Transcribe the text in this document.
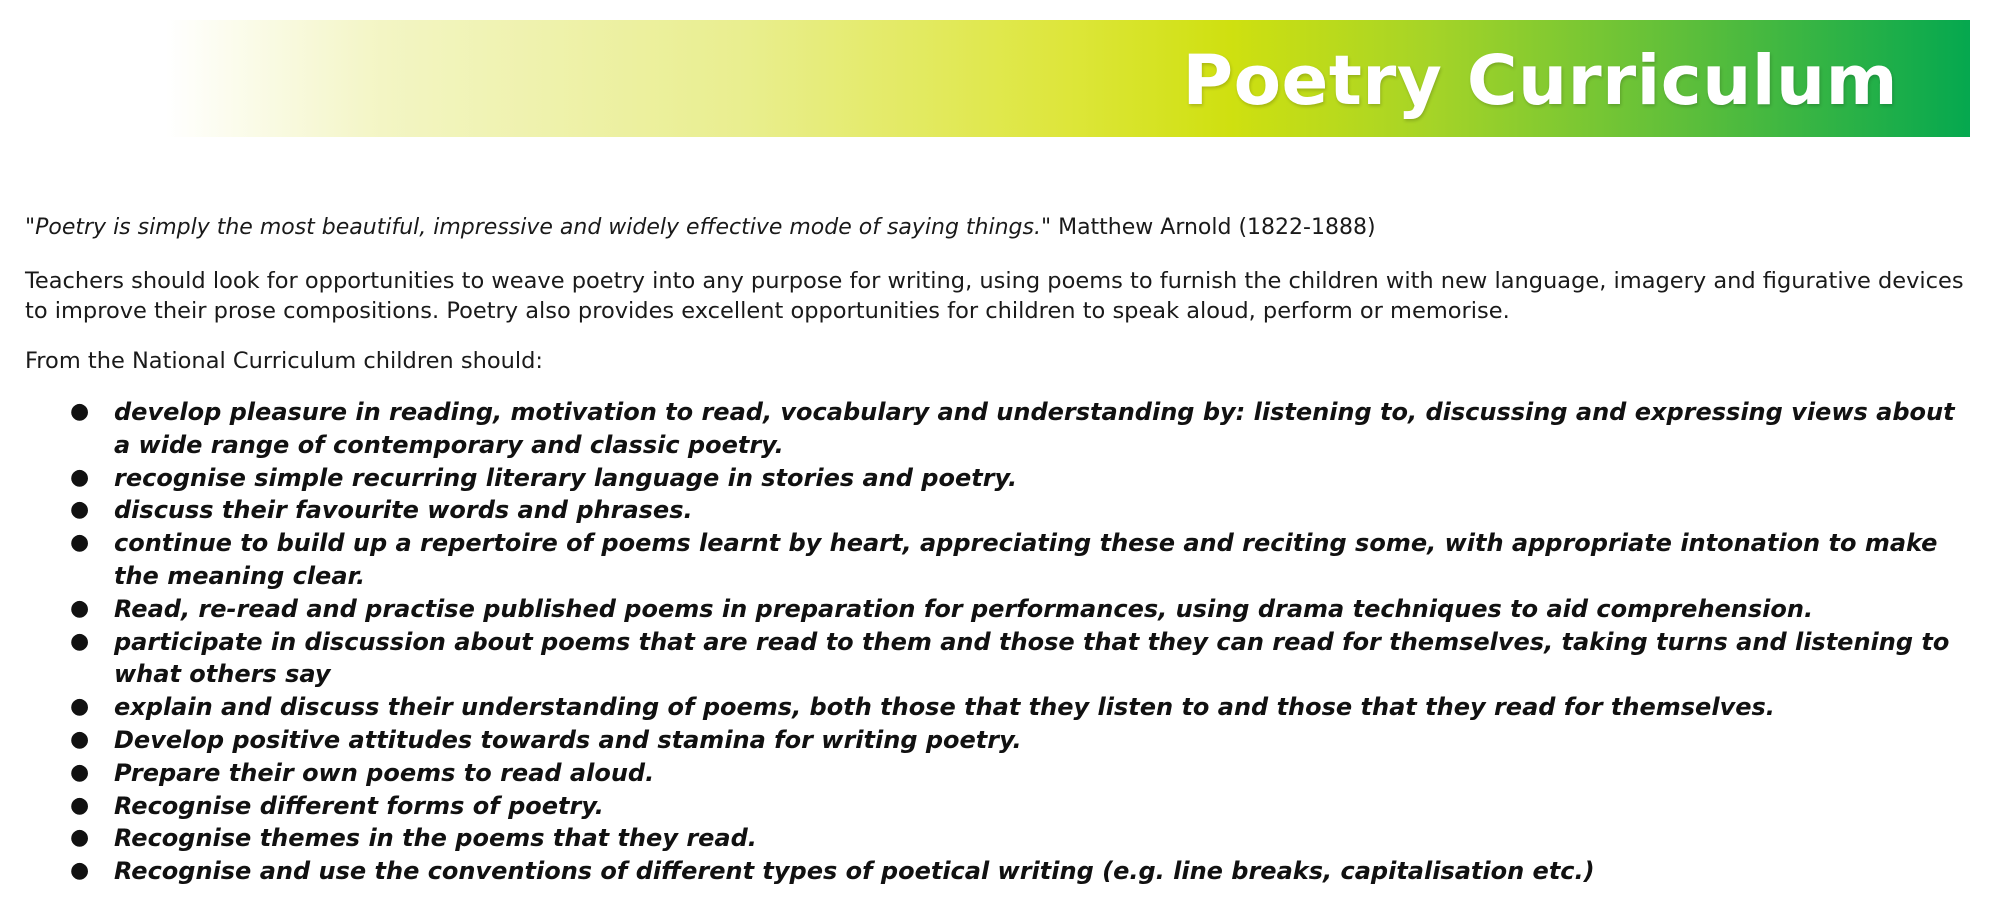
Poetry Curriculum
"Poetry is simply the most beautiful, impressive and widely effective mode of saying things." Matthew Arnold (1822-1888)

Teachers should look for opportunities to weave poetry into any purpose for writing, using poems to furnish the children with new language, imagery and figurative devices to improve their prose compositions. Poetry also provides excellent opportunities for children to speak aloud, perform or memorise.

From the National Curriculum children should:
● develop pleasure in reading, motivation to read, vocabulary and understanding by: listening to, discussing and expressing views about a wide range of contemporary and classic poetry.
● recognise simple recurring literary language in stories and poetry.
● discuss their favourite words and phrases.
● continue to build up a repertoire of poems learnt by heart, appreciating these and reciting some, with appropriate intonation to make the meaning clear.
● Read, re-read and practise published poems in preparation for performances, using drama techniques to aid comprehension.
● participate in discussion about poems that are read to them and those that they can read for themselves, taking turns and listening to what others say
● explain and discuss their understanding of poems, both those that they listen to and those that they read for themselves.
● Develop positive attitudes towards and stamina for writing poetry.
● Prepare their own poems to read aloud.
● Recognise different forms of poetry.
● Recognise themes in the poems that they read.
● Recognise and use the conventions of different types of poetical writing (e.g. line breaks, capitalisation etc.)
